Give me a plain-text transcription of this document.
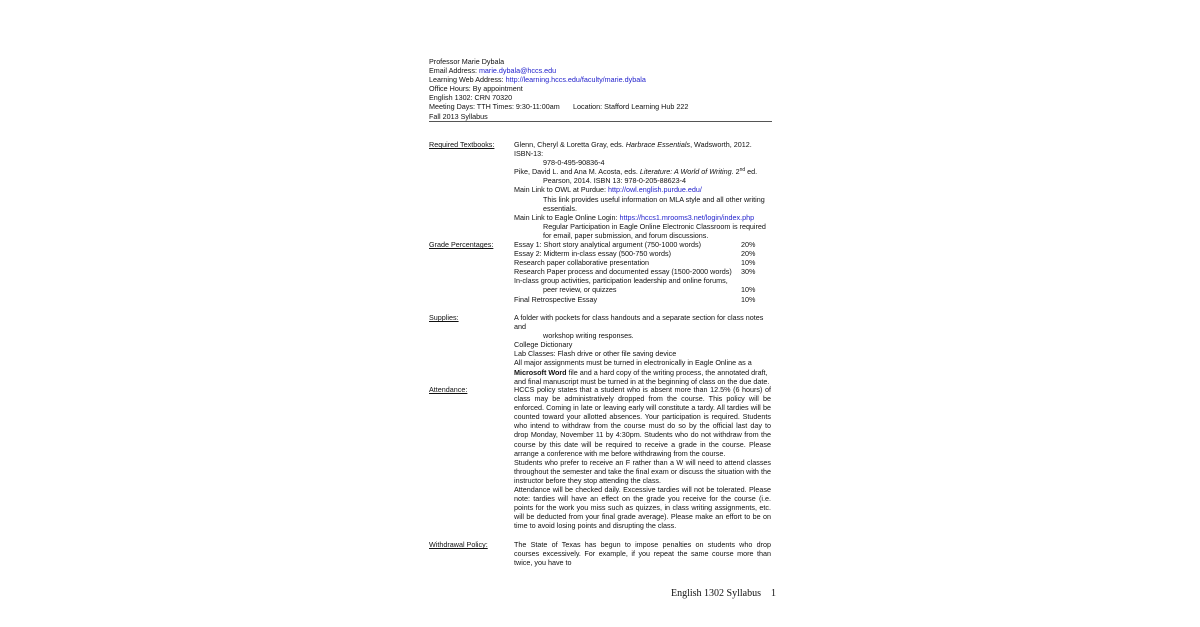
Professor Marie Dybala
Email Address: marie.dybala@hccs.edu
Learning Web Address: http://learning.hccs.edu/faculty/marie.dybala
Office Hours: By appointment
English 1302: CRN 70320
Meeting Days: TTH Times: 9:30-11:00am Location: Stafford Learning Hub 222
Fall 2013 Syllabus
Required Textbooks:	Glenn, Cheryl & Loretta Gray, eds. Harbrace Essentials, Wadsworth, 2012. ISBN-13:

978-0-495-90836-4

Pike, David L. and Ana M. Acosta, eds. Literature: A World of Writing. 2nd ed.

Pearson, 2014. ISBN 13: 978-0-205-88623-4

Main Link to OWL at Purdue: http://owl.english.purdue.edu/

This link provides useful information on MLA style and all other writing essentials.

Main Link to Eagle Online Login: https://hccs1.mrooms3.net/login/index.php

Regular Participation in Eagle Online Electronic Classroom is required for email, paper submission, and forum discussions.

Grade Percentages:	Essay 1: Short story analytical argument (750-1000 words)	20%
Essay 2: Midterm in-class essay (500-750 words)	20%
Research paper collaborative presentation	10%
Research Paper process and documented essay (1500-2000 words) 30%
In-class group activities, participation leadership and online forums,
peer review, or quizzes	10%
Final Retrospective Essay	10%
Supplies:	A folder with pockets for class handouts and a separate section for class notes and

workshop writing responses.

College Dictionary

Lab Classes: Flash drive or other file saving device

All major assignments must be turned in electronically in Eagle Online as a Microsoft Word file and a hard copy of the writing process, the annotated draft, and final manuscript must be turned in at the beginning of class on the due date.

Attendance:	HCCS policy states that a student who is absent more than 12.5% (6 hours) of class may be administratively dropped from the course. This policy will be enforced. Coming in late or leaving early will constitute a tardy. All tardies will be counted toward your allotted absences. Your participation is required. Students who intend to withdraw from the course must do so by the official last day to drop Monday, November 11 by 4:30pm. Students who do not withdraw from the course by this date will be required to receive a grade in the course. Please arrange a conference with me before withdrawing from the course.

Students who prefer to receive an F rather than a W will need to attend classes throughout the semester and take the final exam or discuss the situation with the instructor before they stop attending the class.

Attendance will be checked daily. Excessive tardies will not be tolerated. Please note: tardies will have an effect on the grade you receive for the course (i.e. points for the work you miss such as quizzes, in class writing assignments, etc. will be deducted from your final grade average). Please make an effort to be on time to avoid losing points and disrupting the class.

Withdrawal Policy:	The State of Texas has begun to impose penalties on students who drop courses excessively. For example, if you repeat the same course more than twice, you have to

English 1302 Syllabus 1
